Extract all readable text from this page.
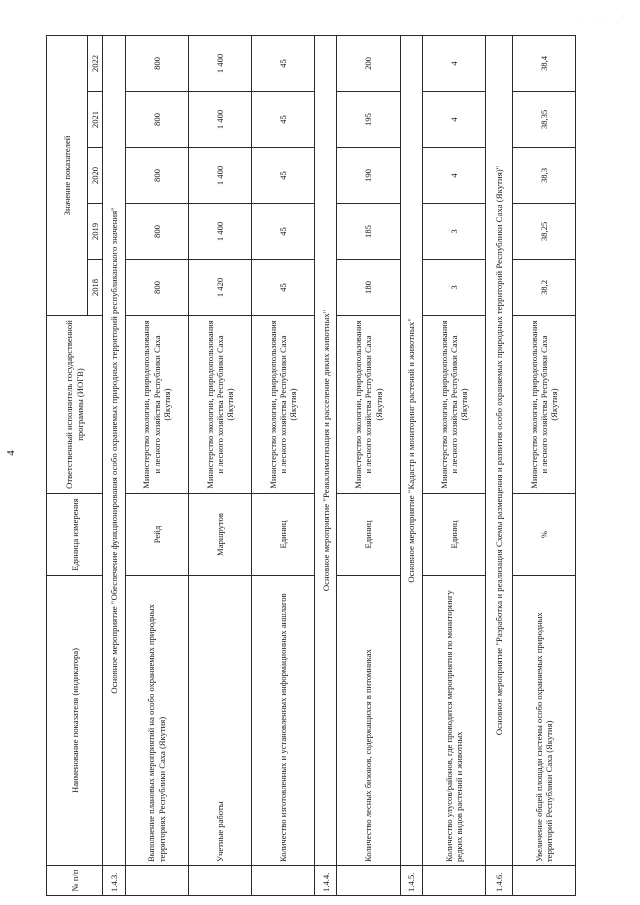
4
· · · · · ·
№ п/п	Наименование показателя (индикатора)	Единица измерения	Ответственный исполнитель государственной программы (ИОГВ)	Значение показателей				
				2018	2019	2020	2021	2022
1.4.3.	Основное мероприятие "Обеспечение функционирования особо охраняемых природных территорий республиканского значения"							
	Выполнение плановых мероприятий на особо охраняемых природных территориях Республики Саха (Якутия)	Рейд	Министерство экологии, природопользования и лесного хозяйства Республики Саха (Якутия)	800	800	800	800	800
	Учетные работы	Маршрутов	Министерство экологии, природопользования и лесного хозяйства Республики Саха (Якутия)	1 420	1 400	1 400	1 400	1 400
	Количество изготовленных и установленных информационных аншлагов	Единиц	Министерство экологии, природопользования и лесного хозяйства Республики Саха (Якутия)	45	45	45	45	45
1.4.4.	Основное мероприятие "Реакклиматизация и расселение диких животных"							
	Количество лесных бизонов, содержащихся в питомниках	Единиц	Министерство экологии, природопользования и лесного хозяйства Республики Саха (Якутия)	180	185	190	195	200
1.4.5.	Основное мероприятие "Кадастр и мониторинг растений и животных"							
	Количество улусов/районов, где проводятся мероприятия по мониторингу редких видов растений и животных	Единиц	Министерство экологии, природопользования и лесного хозяйства Республики Саха (Якутия)	3	3	4	4	4
1.4.6.	Основное мероприятие "Разработка и реализация Схемы размещения и развития особо охраняемых природных территорий Республики Саха (Якутия)"							
	Увеличение общей площади системы особо охраняемых природных территорий Республики Саха (Якутия)	%	Министерство экологии, природопользования и лесного хозяйства Республики Саха (Якутия)	38,2	38,25	38,3	38,35	38,4
